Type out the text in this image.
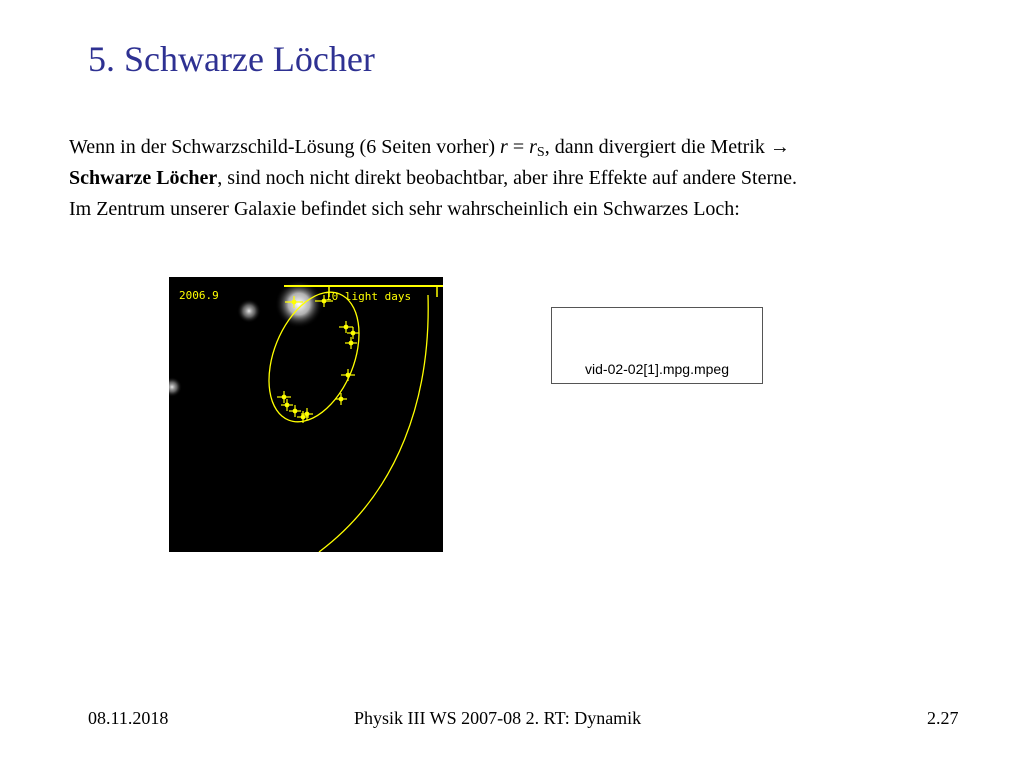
5. Schwarze Löcher

Wenn in der Schwarzschild-Lösung (6 Seiten vorher) $r = r_S$, dann divergiert die Metrik →

Schwarze Löcher, sind noch nicht direkt beobachtbar, aber ihre Effekte auf andere Sterne.

Im Zentrum unserer Galaxie befindet sich sehr wahrscheinlich ein Schwarzes Loch:

2006.9	10 light days
vid-02-02[1].mpg.mpeg
08.11.2018	Physik III WS 2007-08 2. RT: Dynamik	2.27
